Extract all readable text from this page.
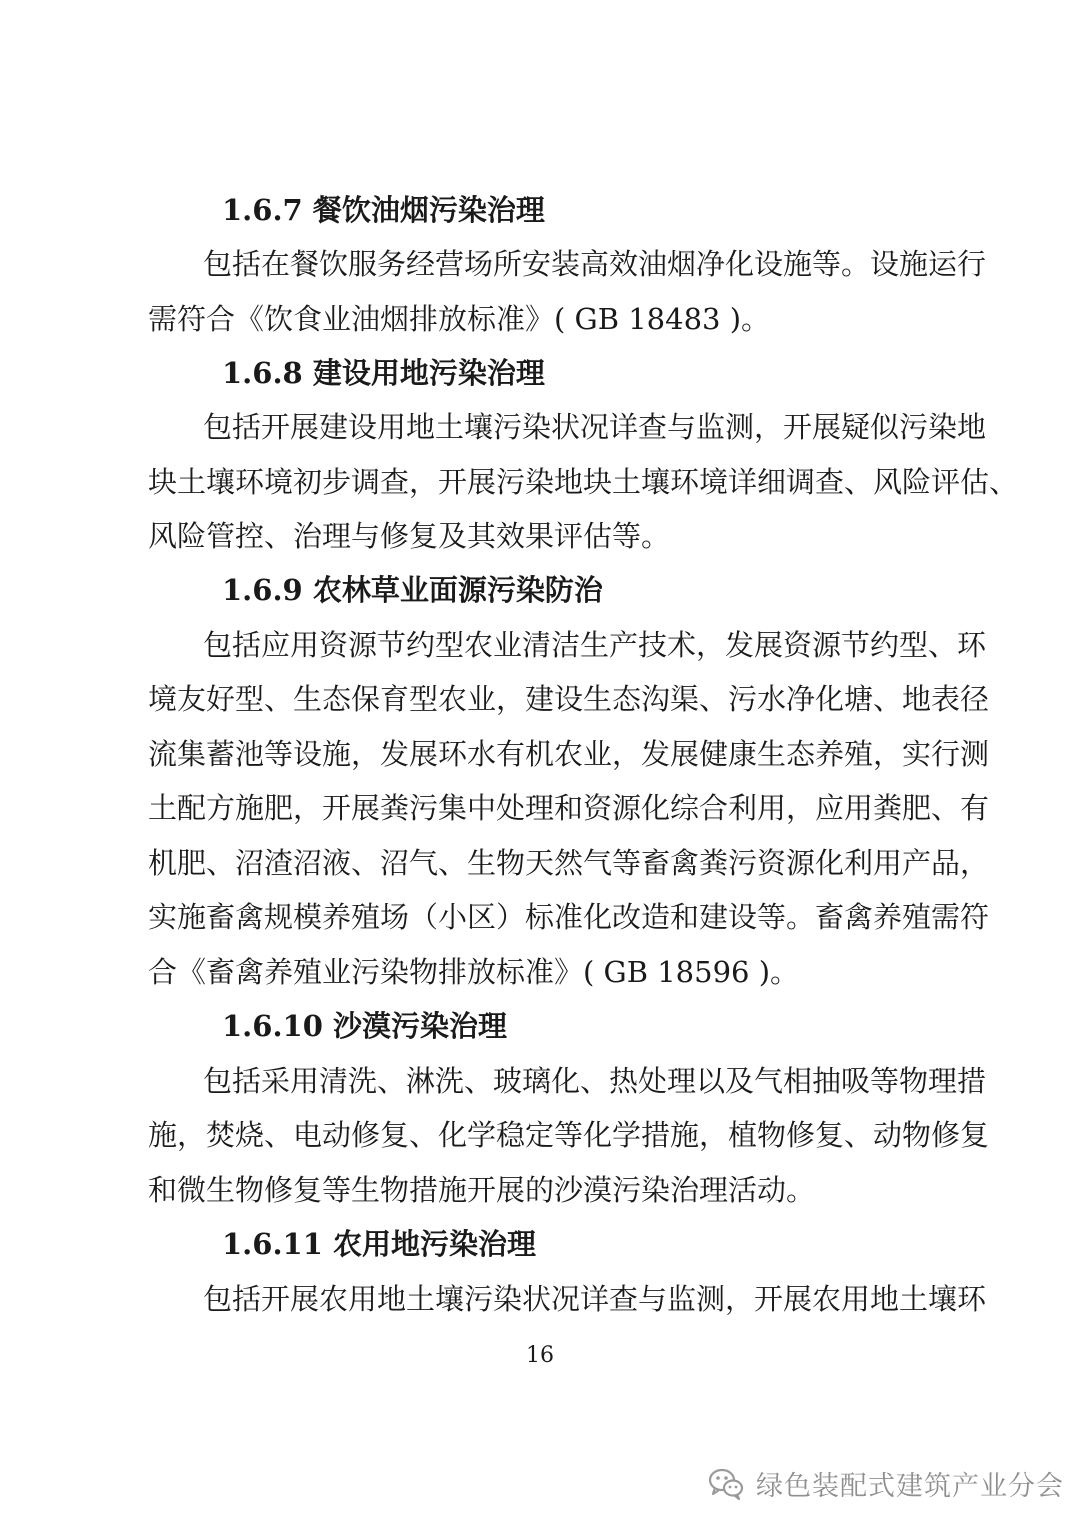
1.6.7 餐饮油烟污染治理
包括在餐饮服务经营场所安装高效油烟净化设施等。设施运行
需符合《饮食业油烟排放标准》( GB 18483 )。
1.6.8 建设用地污染治理
包括开展建设用地土壤污染状况详查与监测，开展疑似污染地
块土壤环境初步调查，开展污染地块土壤环境详细调查、风险评估、
风险管控、治理与修复及其效果评估等。
1.6.9 农林草业面源污染防治
包括应用资源节约型农业清洁生产技术，发展资源节约型、环
境友好型、生态保育型农业，建设生态沟渠、污水净化塘、地表径
流集蓄池等设施，发展环水有机农业，发展健康生态养殖，实行测
土配方施肥，开展粪污集中处理和资源化综合利用，应用粪肥、有
机肥、沼渣沼液、沼气、生物天然气等畜禽粪污资源化利用产品，
实施畜禽规模养殖场（小区）标准化改造和建设等。畜禽养殖需符
合《畜禽养殖业污染物排放标准》( GB 18596 )。
1.6.10 沙漠污染治理
包括采用清洗、淋洗、玻璃化、热处理以及气相抽吸等物理措
施，焚烧、电动修复、化学稳定等化学措施，植物修复、动物修复
和微生物修复等生物措施开展的沙漠污染治理活动。
1.6.11 农用地污染治理
包括开展农用地土壤污染状况详查与监测，开展农用地土壤环
16
绿色装配式建筑产业分会
